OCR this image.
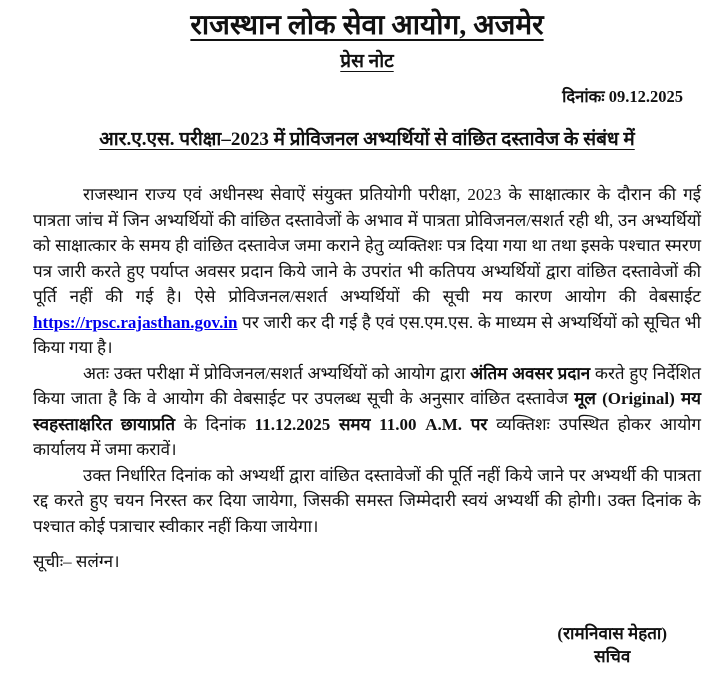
राजस्थान लोक सेवा आयोग, अजमेर
प्रेस नोट
दिनांकः 09.12.2025
आर.ए.एस. परीक्षा–2023 में प्रोविजनल अभ्यर्थियों से वांछित दस्तावेज के संबंध में

राजस्थान राज्य एवं अधीनस्थ सेवाऐं संयुक्त प्रतियोगी परीक्षा, 2023 के साक्षात्कार के दौरान की गई पात्रता जांच में जिन अभ्यर्थियों की वांछित दस्तावेजों के अभाव में पात्रता प्रोविजनल/सशर्त रही थी, उन अभ्यर्थियों को साक्षात्कार के समय ही वांछित दस्तावेज जमा कराने हेतु व्यक्तिशः पत्र दिया गया था तथा इसके पश्चात स्मरण पत्र जारी करते हुए पर्याप्त अवसर प्रदान किये जाने के उपरांत भी कतिपय अभ्यर्थियों द्वारा वांछित दस्तावेजों की पूर्ति नहीं की गई है। ऐसे प्रोविजनल/सशर्त अभ्यर्थियों की सूची मय कारण आयोग की वेबसाईट https://rpsc.rajasthan.gov.in पर जारी कर दी गई है एवं एस.एम.एस. के माध्यम से अभ्यर्थियों को सूचित भी किया गया है।

अतः उक्त परीक्षा में प्रोविजनल/सशर्त अभ्यर्थियों को आयोग द्वारा अंतिम अवसर प्रदान करते हुए निर्देशित किया जाता है कि वे आयोग की वेबसाईट पर उपलब्ध सूची के अनुसार वांछित दस्तावेज मूल (Original) मय स्वहस्ताक्षरित छायाप्रति के दिनांक 11.12.2025 समय 11.00 A.M. पर व्यक्तिशः उपस्थित होकर आयोग कार्यालय में जमा करावें।

उक्त निर्धारित दिनांक को अभ्यर्थी द्वारा वांछित दस्तावेजों की पूर्ति नहीं किये जाने पर अभ्यर्थी की पात्रता रद्द करते हुए चयन निरस्त कर दिया जायेगा, जिसकी समस्त जिम्मेदारी स्वयं अभ्यर्थी की होगी। उक्त दिनांक के पश्चात कोई पत्राचार स्वीकार नहीं किया जायेगा।

सूचीः– सलंग्न।
(रामनिवास मेहता)
सचिव
